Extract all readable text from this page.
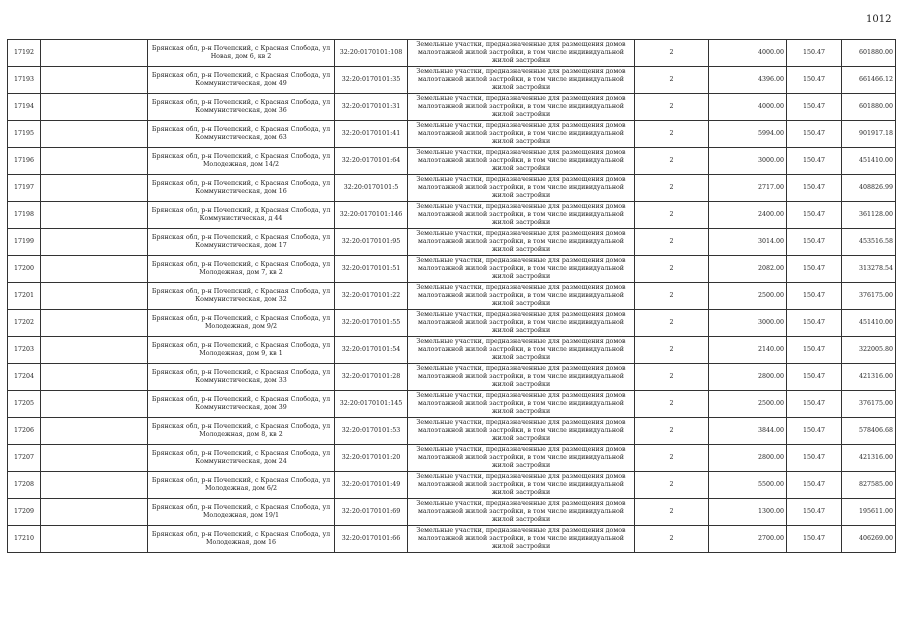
1012
17192		Брянская обл, р-н Почепский, с Красная Слобода, ул Новая, дом 6, кв 2	32:20:0170101:108	Земельные участки, предназначенные для размещения домов малоэтажной жилой застройки, в том числе индивидуальной жилой застройки	2	4000.00	150.47	601880.00
17193		Брянская обл, р-н Почепский, с Красная Слобода, ул Коммунистическая, дом 49	32:20:0170101:35	Земельные участки, предназначенные для размещения домов малоэтажной жилой застройки, в том числе индивидуальной жилой застройки	2	4396.00	150.47	661466.12
17194		Брянская обл, р-н Почепский, с Красная Слобода, ул Коммунистическая, дом 36	32:20:0170101:31	Земельные участки, предназначенные для размещения домов малоэтажной жилой застройки, в том числе индивидуальной жилой застройки	2	4000.00	150.47	601880.00
17195		Брянская обл, р-н Почепский, с Красная Слобода, ул Коммунистическая, дом 63	32:20:0170101:41	Земельные участки, предназначенные для размещения домов малоэтажной жилой застройки, в том числе индивидуальной жилой застройки	2	5994.00	150.47	901917.18
17196		Брянская обл, р-н Почепский, с Красная Слобода, ул Молодежная, дом 14/2	32:20:0170101:64	Земельные участки, предназначенные для размещения домов малоэтажной жилой застройки, в том числе индивидуальной жилой застройки	2	3000.00	150.47	451410.00
17197		Брянская обл, р-н Почепский, с Красная Слобода, ул Коммунистическая, дом 16	32:20:0170101:5	Земельные участки, предназначенные для размещения домов малоэтажной жилой застройки, в том числе индивидуальной жилой застройки	2	2717.00	150.47	408826.99
17198		Брянская обл, р-н Почепский, д Красная Слобода, ул Коммунистическая, д 44	32:20:0170101:146	Земельные участки, предназначенные для размещения домов малоэтажной жилой застройки, в том числе индивидуальной жилой застройки	2	2400.00	150.47	361128.00
17199		Брянская обл, р-н Почепский, с Красная Слобода, ул Коммунистическая, дом 17	32:20:0170101:95	Земельные участки, предназначенные для размещения домов малоэтажной жилой застройки, в том числе индивидуальной жилой застройки	2	3014.00	150.47	453516.58
17200		Брянская обл, р-н Почепский, с Красная Слобода, ул Молодежная, дом 7, кв 2	32:20:0170101:51	Земельные участки, предназначенные для размещения домов малоэтажной жилой застройки, в том числе индивидуальной жилой застройки	2	2082.00	150.47	313278.54
17201		Брянская обл, р-н Почепский, с Красная Слобода, ул Коммунистическая, дом 32	32:20:0170101:22	Земельные участки, предназначенные для размещения домов малоэтажной жилой застройки, в том числе индивидуальной жилой застройки	2	2500.00	150.47	376175.00
17202		Брянская обл, р-н Почепский, с Красная Слобода, ул Молодежная, дом 9/2	32:20:0170101:55	Земельные участки, предназначенные для размещения домов малоэтажной жилой застройки, в том числе индивидуальной жилой застройки	2	3000.00	150.47	451410.00
17203		Брянская обл, р-н Почепский, с Красная Слобода, ул Молодежная, дом 9, кв 1	32:20:0170101:54	Земельные участки, предназначенные для размещения домов малоэтажной жилой застройки, в том числе индивидуальной жилой застройки	2	2140.00	150.47	322005.80
17204		Брянская обл, р-н Почепский, с Красная Слобода, ул Коммунистическая, дом 33	32:20:0170101:28	Земельные участки, предназначенные для размещения домов малоэтажной жилой застройки, в том числе индивидуальной жилой застройки	2	2800.00	150.47	421316.00
17205		Брянская обл, р-н Почепский, с Красная Слобода, ул Коммунистическая, дом 39	32:20:0170101:145	Земельные участки, предназначенные для размещения домов малоэтажной жилой застройки, в том числе индивидуальной жилой застройки	2	2500.00	150.47	376175.00
17206		Брянская обл, р-н Почепский, с Красная Слобода, ул Молодежная, дом 8, кв 2	32:20:0170101:53	Земельные участки, предназначенные для размещения домов малоэтажной жилой застройки, в том числе индивидуальной жилой застройки	2	3844.00	150.47	578406.68
17207		Брянская обл, р-н Почепский, с Красная Слобода, ул Коммунистическая, дом 24	32:20:0170101:20	Земельные участки, предназначенные для размещения домов малоэтажной жилой застройки, в том числе индивидуальной жилой застройки	2	2800.00	150.47	421316.00
17208		Брянская обл, р-н Почепский, с Красная Слобода, ул Молодежная, дом 6/2	32:20:0170101:49	Земельные участки, предназначенные для размещения домов малоэтажной жилой застройки, в том числе индивидуальной жилой застройки	2	5500.00	150.47	827585.00
17209		Брянская обл, р-н Почепский, с Красная Слобода, ул Молодежная, дом 19/1	32:20:0170101:69	Земельные участки, предназначенные для размещения домов малоэтажной жилой застройки, в том числе индивидуальной жилой застройки	2	1300.00	150.47	195611.00
17210		Брянская обл, р-н Почепский, с Красная Слобода, ул Молодежная, дом 16	32:20:0170101:66	Земельные участки, предназначенные для размещения домов малоэтажной жилой застройки, в том числе индивидуальной жилой застройки	2	2700.00	150.47	406269.00
